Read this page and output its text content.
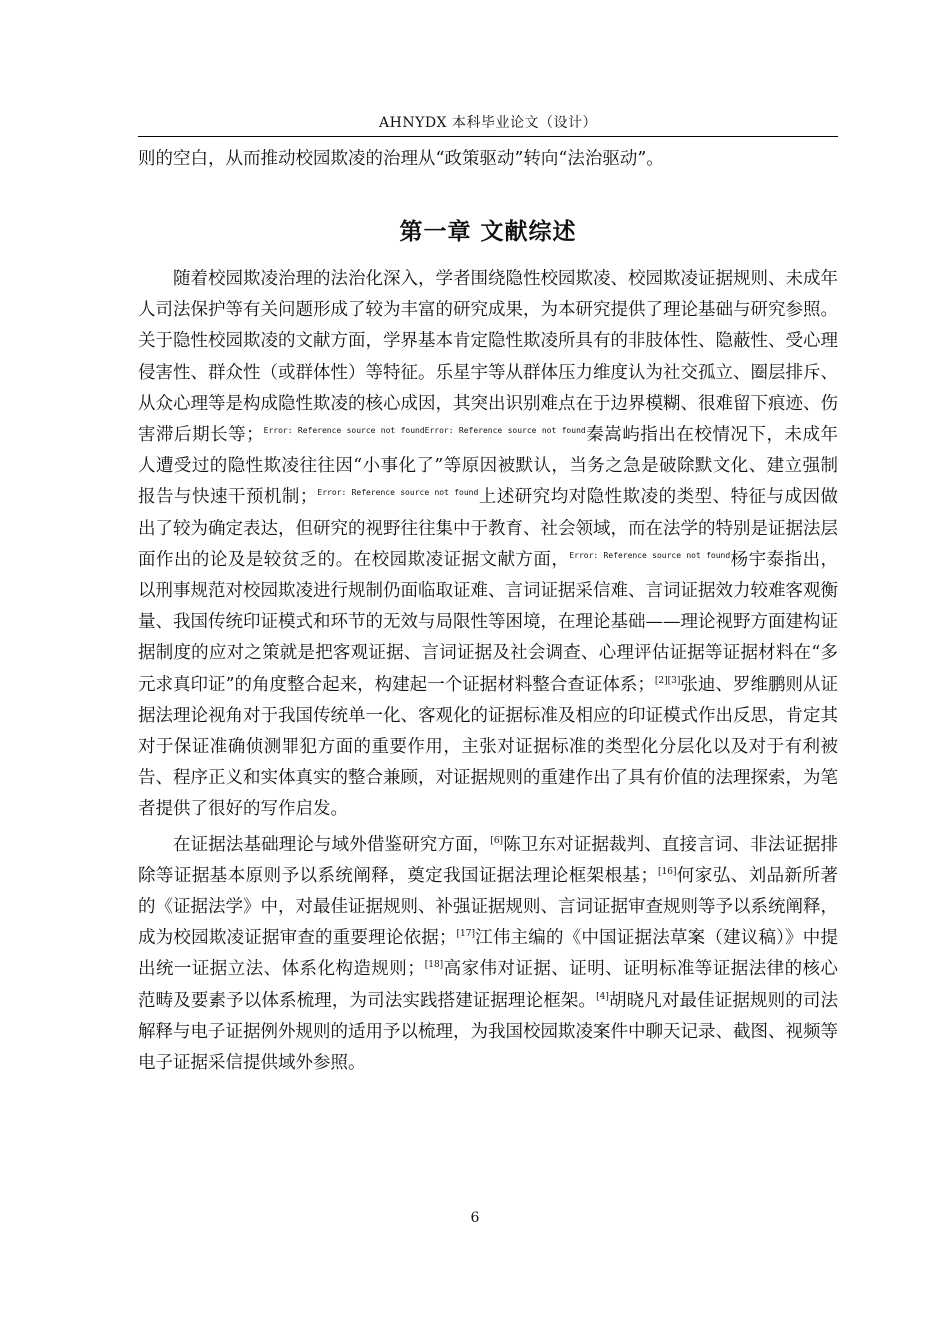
AHNYDX 本科毕业论文（设计）

则的空白，从而推动校园欺凌的治理从“政策驱动”转向“法治驱动”。

第一章 文献综述

随着校园欺凌治理的法治化深入，学者围绕隐性校园欺凌、校园欺凌证据规则、未成年人司法保护等有关问题形成了较为丰富的研究成果，为本研究提供了理论基础与研究参照。关于隐性校园欺凌的文献方面，学界基本肯定隐性欺凌所具有的非肢体性、隐蔽性、受心理侵害性、群众性（或群体性）等特征。乐星宇等从群体压力维度认为社交孤立、圈层排斥、从众心理等是构成隐性欺凌的核心成因，其突出识别难点在于边界模糊、很难留下痕迹、伤害滞后期长等；$^{Error: Reference source not foundError: Reference source not found}$秦嵩屿指出在校情况下，未成年人遭受过的隐性欺凌往往因“小事化了”等原因被默认，当务之急是破除默文化、建立强制报告与快速干预机制；$^{Error: Reference source not found}$上述研究均对隐性欺凌的类型、特征与成因做出了较为确定表达，但研究的视野往往集中于教育、社会领域，而在法学的特别是证据法层面作出的论及是较贫乏的。在校园欺凌证据文献方面，$^{Error: Reference source not found}$杨宇泰指出，以刑事规范对校园欺凌进行规制仍面临取证难、言词证据采信难、言词证据效力较难客观衡量、我国传统印证模式和环节的无效与局限性等困境，在理论基础——理论视野方面建构证据制度的应对之策就是把客观证据、言词证据及社会调查、心理评估证据等证据材料在“多元求真印证”的角度整合起来，构建起一个证据材料整合查证体系；[2][3]张迪、罗维鹏则从证据法理论视角对于我国传统单一化、客观化的证据标准及相应的印证模式作出反思，肯定其对于保证准确侦测罪犯方面的重要作用，主张对证据标准的类型化分层化以及对于有利被告、程序正义和实体真实的整合兼顾，对证据规则的重建作出了具有价值的法理探索，为笔者提供了很好的写作启发。

在证据法基础理论与域外借鉴研究方面，[6]陈卫东对证据裁判、直接言词、非法证据排除等证据基本原则予以系统阐释，奠定我国证据法理论框架根基；[16]何家弘、刘品新所著的《证据法学》中，对最佳证据规则、补强证据规则、言词证据审查规则等予以系统阐释，成为校园欺凌证据审查的重要理论依据；[17]江伟主编的《中国证据法草案（建议稿）》中提出统一证据立法、体系化构造规则；[18]高家伟对证据、证明、证明标准等证据法律的核心范畴及要素予以体系梳理，为司法实践搭建证据理论框架。[4]胡晓凡对最佳证据规则的司法解释与电子证据例外规则的适用予以梳理，为我国校园欺凌案件中聊天记录、截图、视频等电子证据采信提供域外参照。

6
